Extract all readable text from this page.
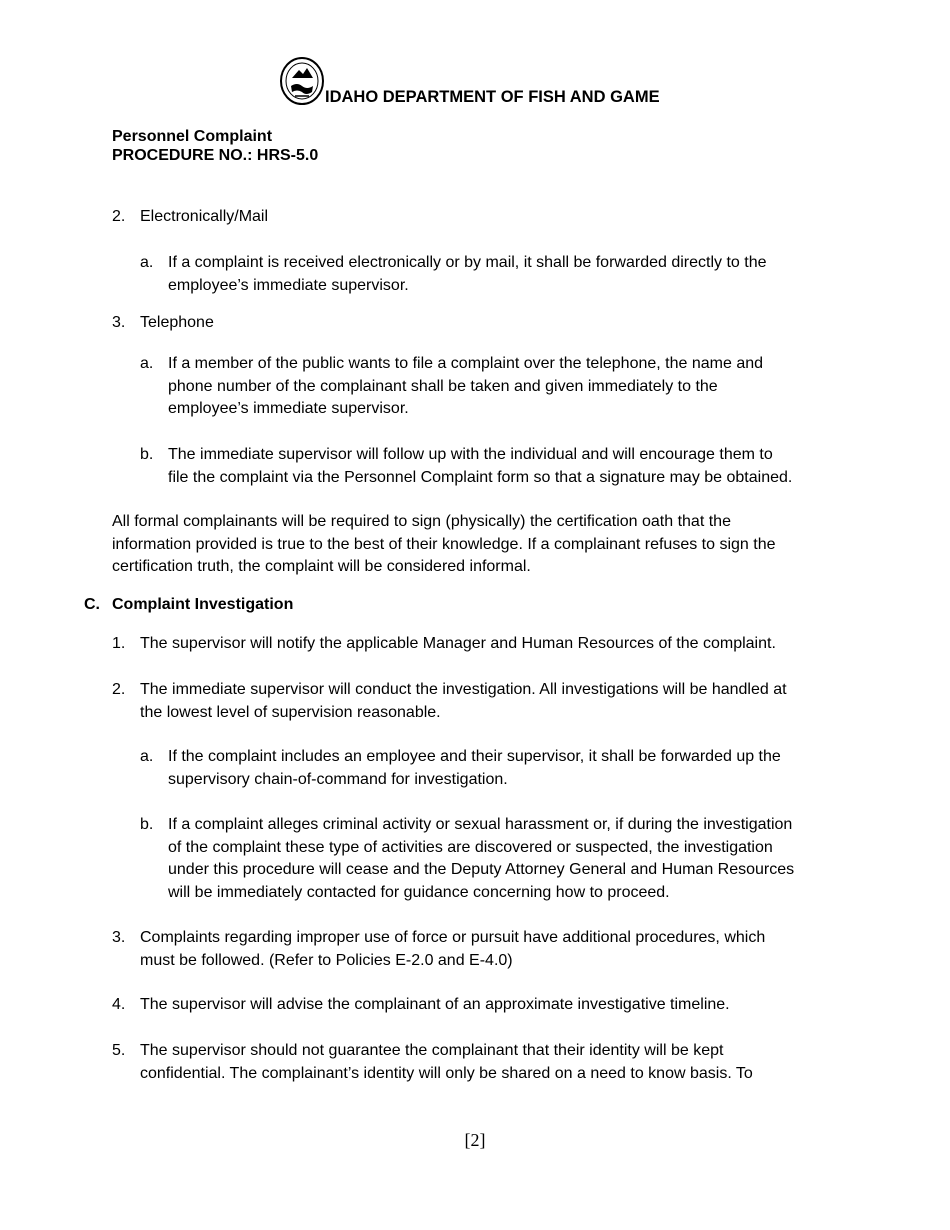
IDAHO DEPARTMENT OF FISH AND GAME
Personnel Complaint
PROCEDURE NO.: HRS-5.0
2. Electronically/Mail
a. If a complaint is received electronically or by mail, it shall be forwarded directly to the
employee’s immediate supervisor.
3. Telephone
a. If a member of the public wants to file a complaint over the telephone, the name and
phone number of the complainant shall be taken and given immediately to the
employee’s immediate supervisor.
b. The immediate supervisor will follow up with the individual and will encourage them to
file the complaint via the Personnel Complaint form so that a signature may be obtained.
All formal complainants will be required to sign (physically) the certification oath that the
information provided is true to the best of their knowledge. If a complainant refuses to sign the
certification truth, the complaint will be considered informal.
C. Complaint Investigation
1. The supervisor will notify the applicable Manager and Human Resources of the complaint.
2. The immediate supervisor will conduct the investigation. All investigations will be handled at
the lowest level of supervision reasonable.
a. If the complaint includes an employee and their supervisor, it shall be forwarded up the
supervisory chain-of-command for investigation.
b. If a complaint alleges criminal activity or sexual harassment or, if during the investigation
of the complaint these type of activities are discovered or suspected, the investigation
under this procedure will cease and the Deputy Attorney General and Human Resources
will be immediately contacted for guidance concerning how to proceed.
3. Complaints regarding improper use of force or pursuit have additional procedures, which
must be followed. (Refer to Policies E-2.0 and E-4.0)
4. The supervisor will advise the complainant of an approximate investigative timeline.
5. The supervisor should not guarantee the complainant that their identity will be kept
confidential. The complainant’s identity will only be shared on a need to know basis. To
[2]
